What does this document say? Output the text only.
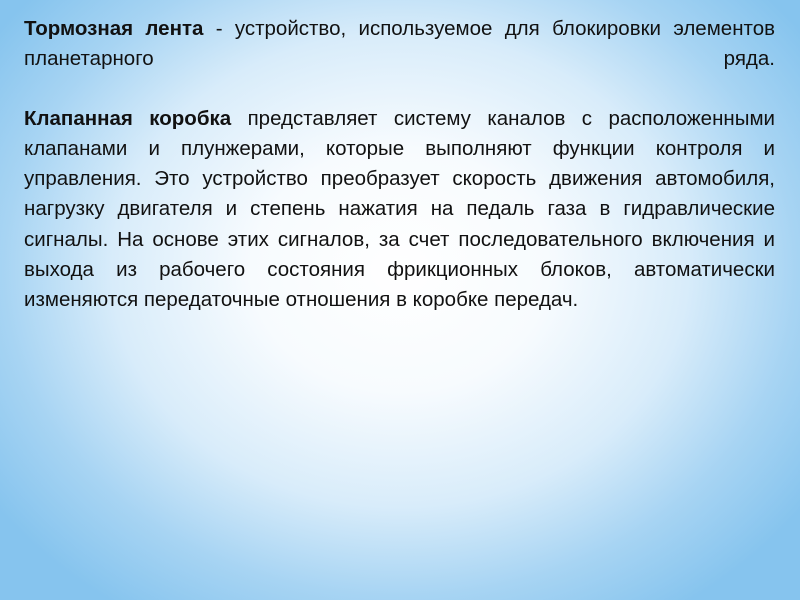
Тормозная лента - устройство, используемое для блокировки элементов планетарного ряда.

Клапанная коробка представляет систему каналов с расположенными клапанами и плунжерами, которые выполняют функции контроля и управления. Это устройство преобразует скорость движения автомобиля, нагрузку двигателя и степень нажатия на педаль газа в гидравлические сигналы. На основе этих сигналов, за счет последовательного включения и выхода из рабочего состояния фрикционных блоков, автоматически изменяются передаточные отношения в коробке передач.
